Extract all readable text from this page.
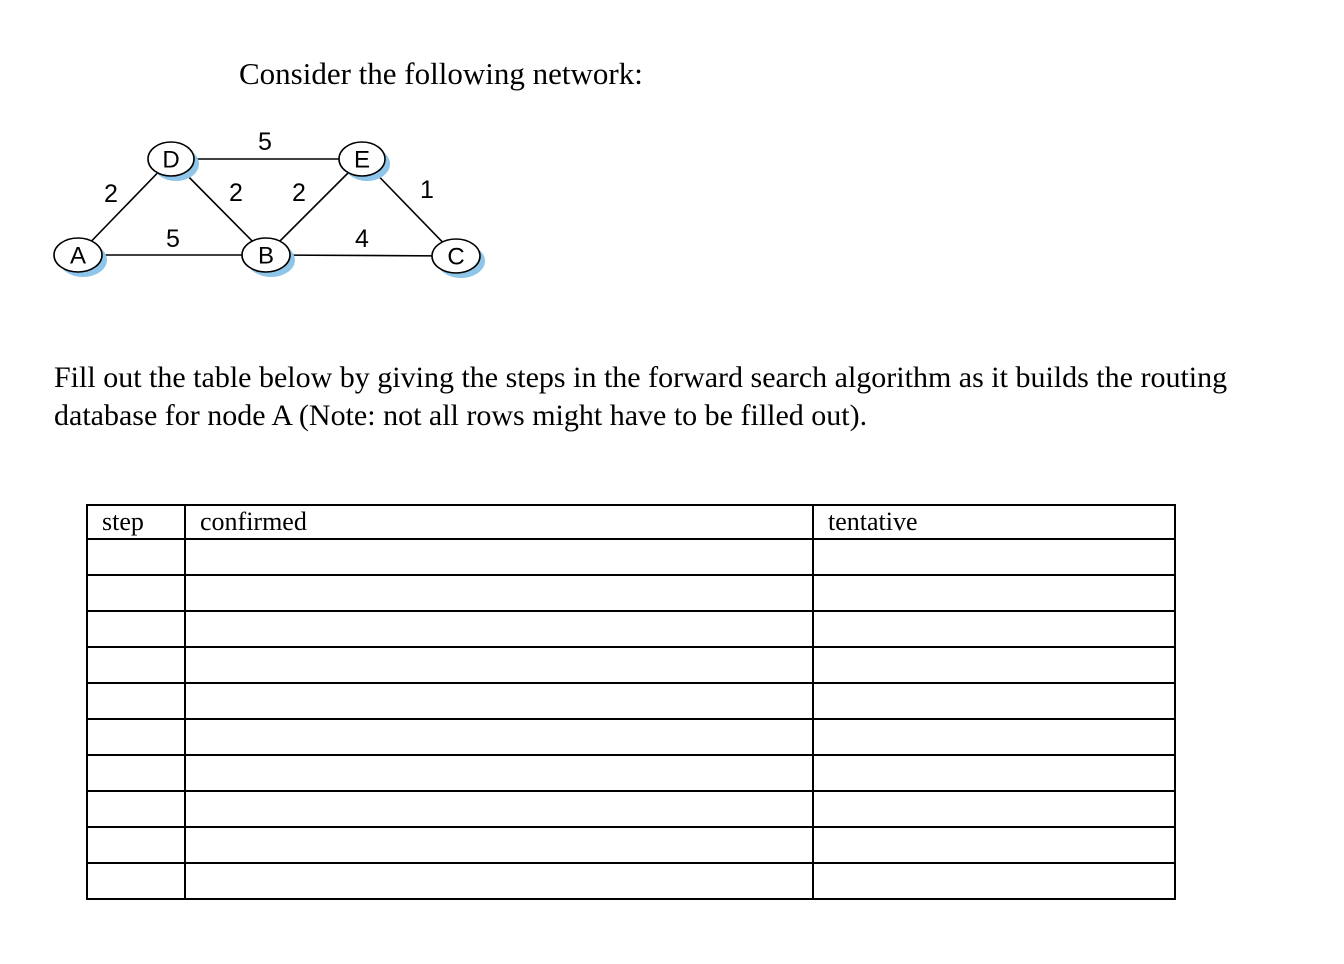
Consider the following network:

2
5
5
2 2	1
4
A	B	C
D	E

Fill out the table below by giving the steps in the forward search algorithm as it builds the routing database for node A (Note: not all rows might have to be filled out).

step	confirmed	tentative
